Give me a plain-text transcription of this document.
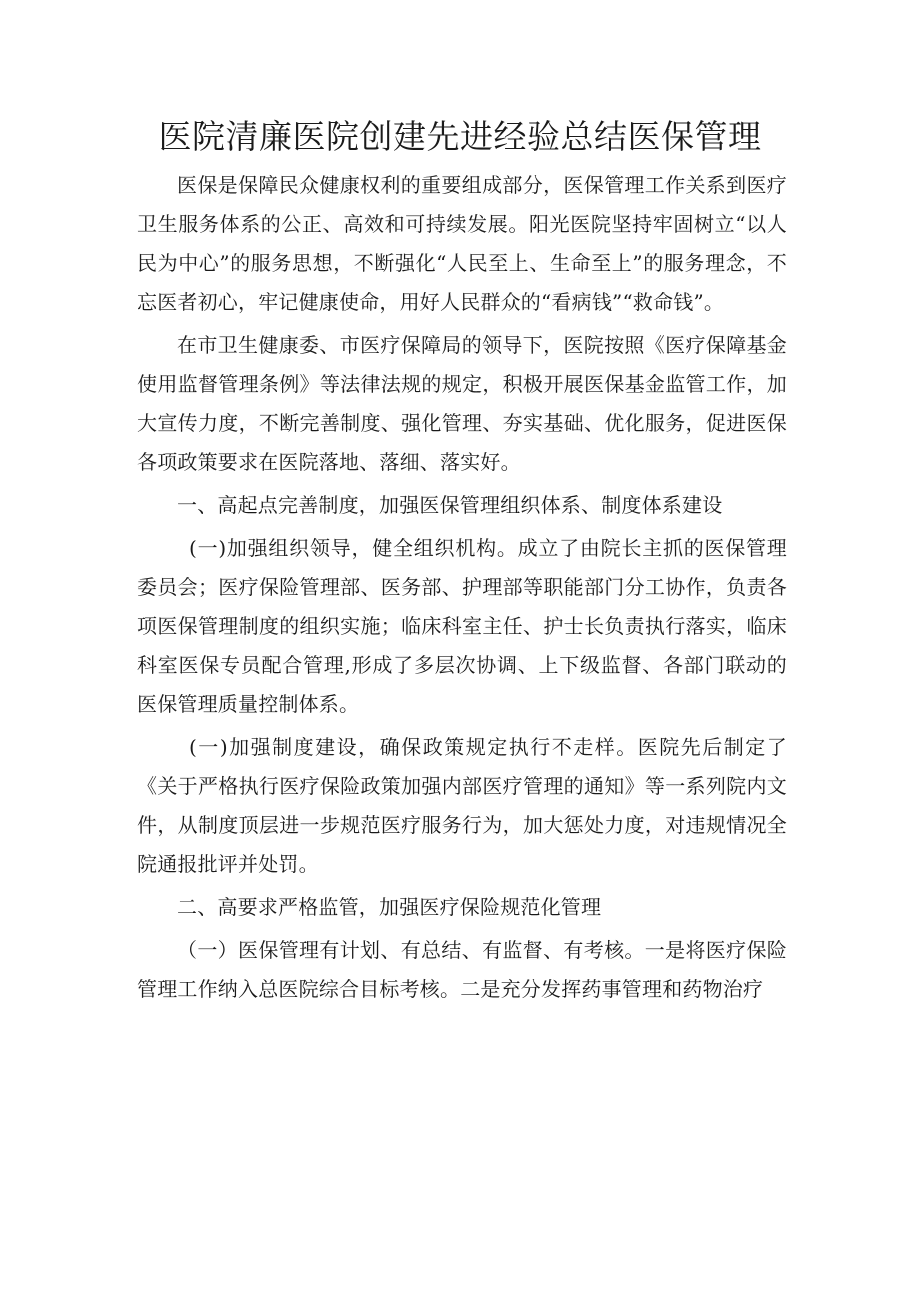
医院清廉医院创建先进经验总结医保管理

医保是保障民众健康权利的重要组成部分，医保管理工作关系到医疗卫生服务体系的公正、高效和可持续发展。阳光医院坚持牢固树立“以人民为中心”的服务思想，不断强化“人民至上、生命至上”的服务理念，不忘医者初心，牢记健康使命，用好人民群众的“看病钱”“救命钱”。

在市卫生健康委、市医疗保障局的领导下，医院按照《医疗保障基金使用监督管理条例》等法律法规的规定，积极开展医保基金监管工作，加大宣传力度，不断完善制度、强化管理、夯实基础、优化服务，促进医保各项政策要求在医院落地、落细、落实好。

一、高起点完善制度，加强医保管理组织体系、制度体系建设

(一)加强组织领导，健全组织机构。成立了由院长主抓的医保管理委员会；医疗保险管理部、医务部、护理部等职能部门分工协作，负责各项医保管理制度的组织实施；临床科室主任、护士长负责执行落实，临床科室医保专员配合管理,形成了多层次协调、上下级监督、各部门联动的医保管理质量控制体系。

(一)加强制度建设，确保政策规定执行不走样。医院先后制定了《关于严格执行医疗保险政策加强内部医疗管理的通知》等一系列院内文件，从制度顶层进一步规范医疗服务行为，加大惩处力度，对违规情况全院通报批评并处罚。

二、高要求严格监管，加强医疗保险规范化管理

（一）医保管理有计划、有总结、有监督、有考核。一是将医疗保险管理工作纳入总医院综合目标考核。二是充分发挥药事管理和药物治疗
